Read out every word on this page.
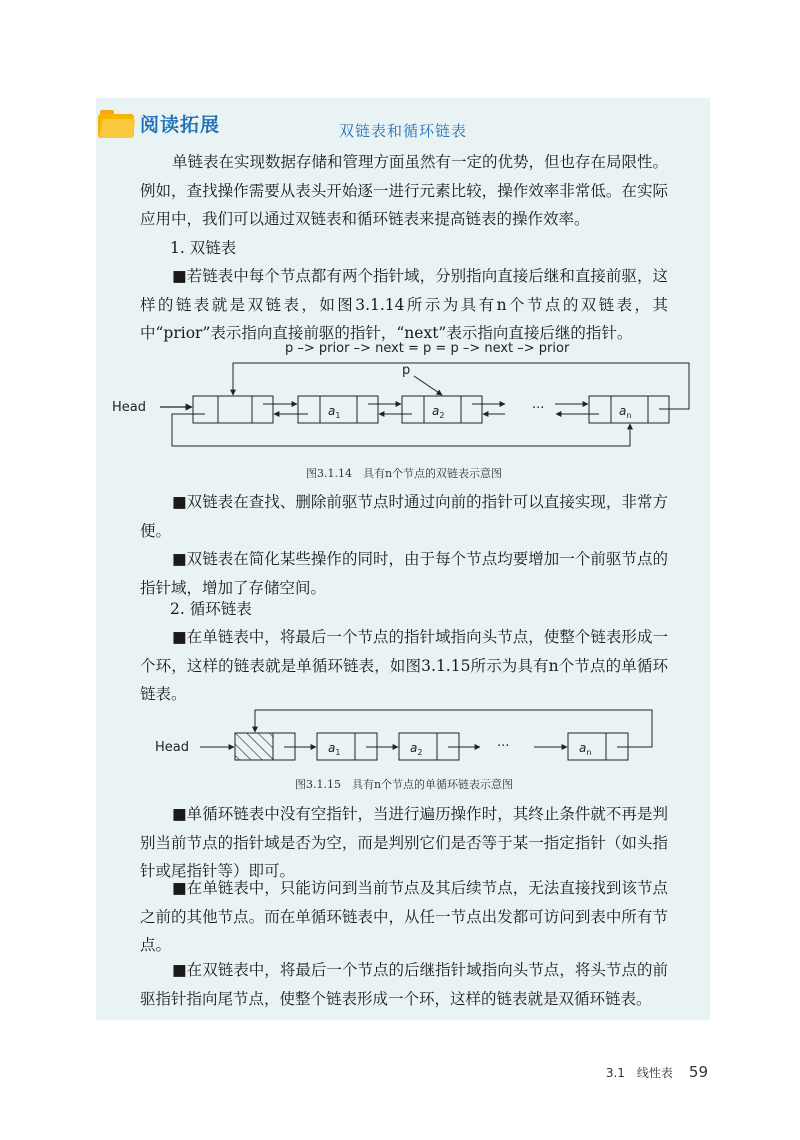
阅读拓展	双链表和循环链表

单链表在实现数据存储和管理方面虽然有一定的优势，但也存在局限性。例如，查找操作需要从表头开始逐一进行元素比较，操作效率非常低。在实际应用中，我们可以通过双链表和循环链表来提高链表的操作效率。

1. 双链表

■若链表中每个节点都有两个指针域，分别指向直接后继和直接前驱，这样的链表就是双链表，如图3.1.14所示为具有n个节点的双链表，其中“prior”表示指向直接前驱的指针，“next”表示指向直接后继的指针。

p –> prior –> next = p = p –> next –> prior
Head	$a_1$	$a_2$	$a_n$
···
p
图3.1.14　具有n个节点的双链表示意图

■双链表在查找、删除前驱节点时通过向前的指针可以直接实现，非常方便。

■双链表在简化某些操作的同时，由于每个节点均要增加一个前驱节点的指针域，增加了存储空间。

2. 循环链表

■在单链表中，将最后一个节点的指针域指向头节点，使整个链表形成一个环，这样的链表就是单循环链表，如图3.1.15所示为具有n个节点的单循环链表。

Head	$a_1$	$a_2$	$a_n$
···
图3.1.15　具有n个节点的单循环链表示意图

■单循环链表中没有空指针，当进行遍历操作时，其终止条件就不再是判别当前节点的指针域是否为空，而是判别它们是否等于某一指定指针（如头指针或尾指针等）即可。

■在单链表中，只能访问到当前节点及其后续节点，无法直接找到该节点之前的其他节点。而在单循环链表中，从任一节点出发都可访问到表中所有节点。

■在双链表中，将最后一个节点的后继指针域指向头节点，将头节点的前驱指针指向尾节点，使整个链表形成一个环，这样的链表就是双循环链表。

3.1　线性表 59
